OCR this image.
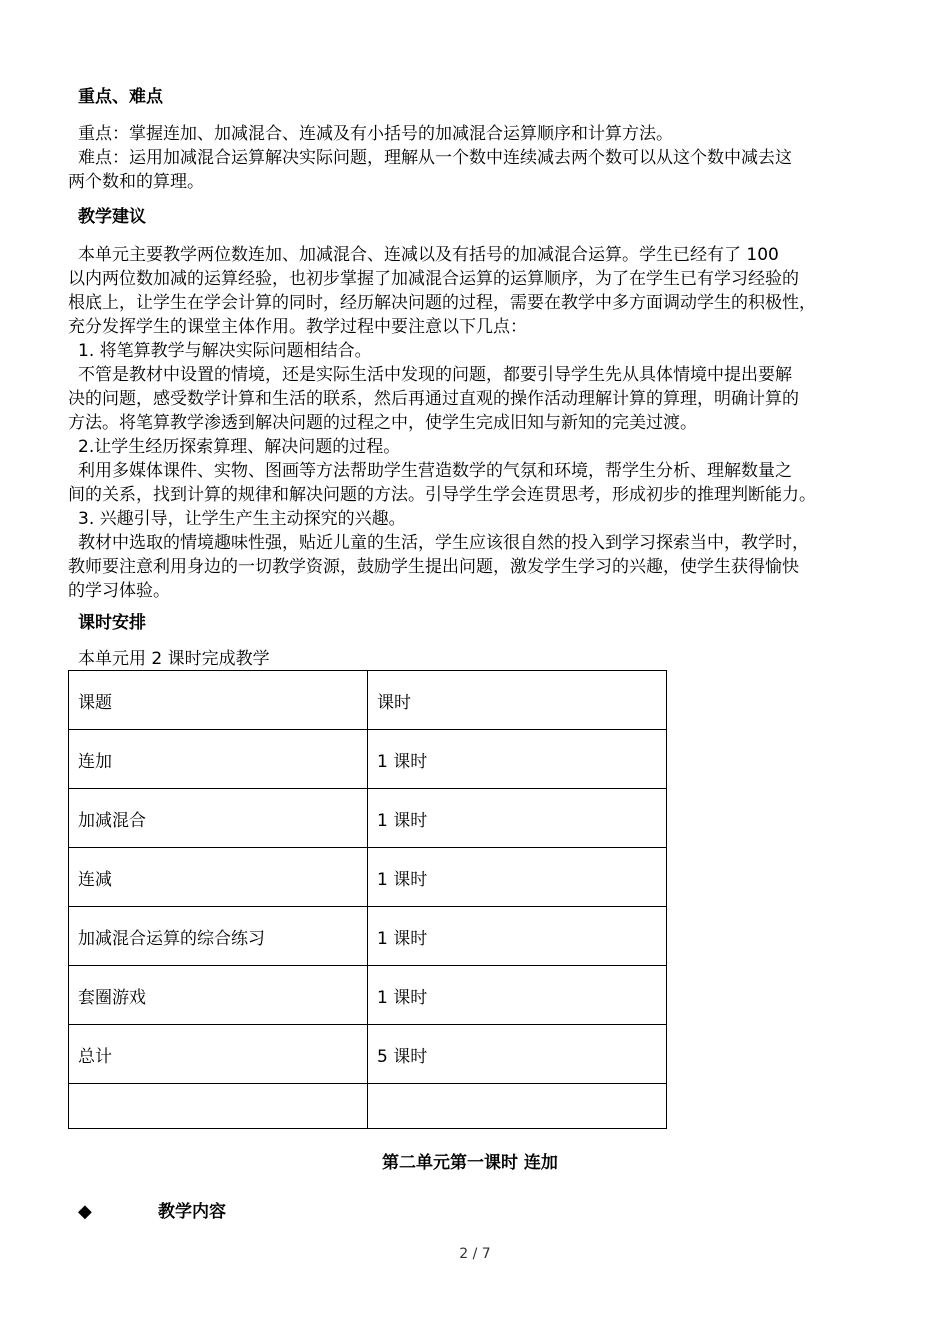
重点、难点
重点：掌握连加、加减混合、连减及有小括号的加减混合运算顺序和计算方法。
难点：运用加减混合运算解决实际问题，理解从一个数中连续减去两个数可以从这个数中减去这
两个数和的算理。
教学建议
本单元主要教学两位数连加、加减混合、连减以及有括号的加减混合运算。学生已经有了 100
以内两位数加减的运算经验，也初步掌握了加减混合运算的运算顺序，为了在学生已有学习经验的
根底上，让学生在学会计算的同时，经历解决问题的过程，需要在教学中多方面调动学生的积极性，
充分发挥学生的课堂主体作用。教学过程中要注意以下几点：
1. 将笔算教学与解决实际问题相结合。
不管是教材中设置的情境，还是实际生活中发现的问题，都要引导学生先从具体情境中提出要解
决的问题，感受数学计算和生活的联系，然后再通过直观的操作活动理解计算的算理，明确计算的
方法。将笔算教学渗透到解决问题的过程之中，使学生完成旧知与新知的完美过渡。
2.让学生经历探索算理、解决问题的过程。
利用多媒体课件、实物、图画等方法帮助学生营造数学的气氛和环境，帮学生分析、理解数量之
间的关系，找到计算的规律和解决问题的方法。引导学生学会连贯思考，形成初步的推理判断能力。
3. 兴趣引导，让学生产生主动探究的兴趣。
教材中选取的情境趣味性强，贴近儿童的生活，学生应该很自然的投入到学习探索当中，教学时，
教师要注意利用身边的一切教学资源，鼓励学生提出问题，激发学生学习的兴趣，使学生获得愉快
的学习体验。
课时安排
本单元用 2 课时完成教学
课题	课时
连加	1 课时
加减混合	1 课时
连减	1 课时
加减混合运算的综合练习	1 课时
套圈游戏	1 课时
总计	5 课时

第二单元第一课时 连加
◆	教学内容
2 / 7
